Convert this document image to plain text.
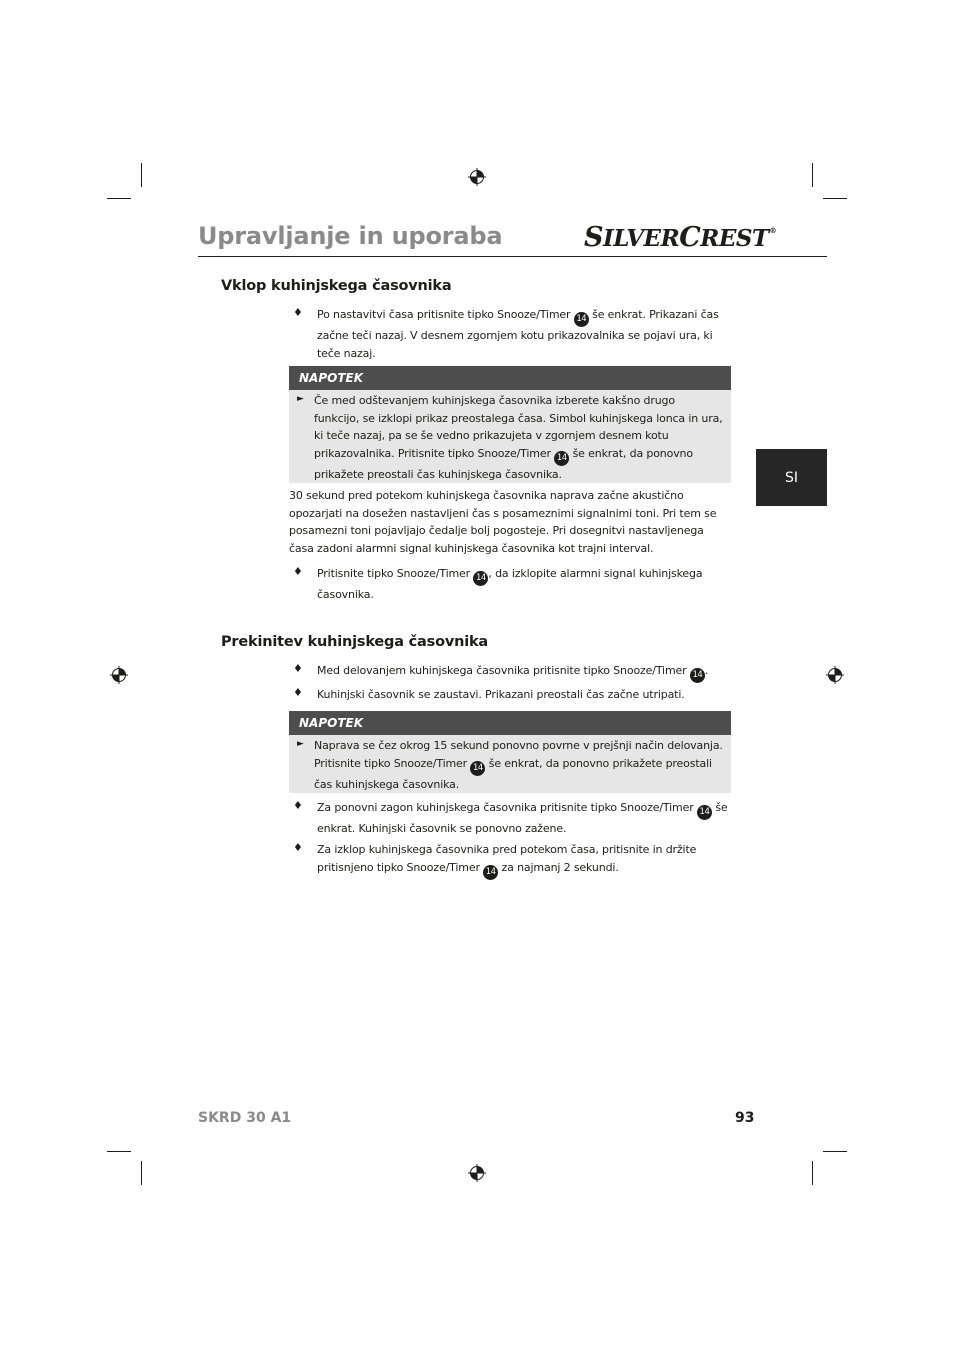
Upravljanje in uporaba	SILVERCREST®
SI
Vklop kuhinjskega časovnika
♦ Po nastavitvi časa pritisnite tipko Snooze/Timer 14 še enkrat. Prikazani čas začne teči nazaj. V desnem zgornjem kotu prikazovalnika se pojavi ura, ki teče nazaj.
NAPOTEK
► Če med odštevanjem kuhinjskega časovnika izberete kakšno drugo funkcijo, se izklopi prikaz preostalega časa. Simbol kuhinjskega lonca in ura, ki teče nazaj, pa se še vedno prikazujeta v zgornjem desnem kotu prikazovalnika. Pritisnite tipko Snooze/Timer 14 še enkrat, da ponovno prikažete preostali čas kuhinjskega časovnika.
30 sekund pred potekom kuhinjskega časovnika naprava začne akustično opozarjati na dosežen nastavljeni čas s posameznimi signalnimi toni. Pri tem se posamezni toni pojavljajo čedalje bolj pogosteje. Pri dosegnitvi nastavljenega časa zadoni alarmni signal kuhinjskega časovnika kot trajni interval.
♦ Pritisnite tipko Snooze/Timer 14 , da izklopite alarmni signal kuhinjskega časovnika.
Prekinitev kuhinjskega časovnika
♦ Med delovanjem kuhinjskega časovnika pritisnite tipko Snooze/Timer 14 .
♦ Kuhinjski časovnik se zaustavi. Prikazani preostali čas začne utripati.
NAPOTEK
► Naprava se čez okrog 15 sekund ponovno povrne v prejšnji način delovanja. Pritisnite tipko Snooze/Timer 14 še enkrat, da ponovno prikažete preostali čas kuhinjskega časovnika.
♦ Za ponovni zagon kuhinjskega časovnika pritisnite tipko Snooze/Timer 14 še enkrat. Kuhinjski časovnik se ponovno zažene.
♦ Za izklop kuhinjskega časovnika pred potekom časa, pritisnite in držite pritisnjeno tipko Snooze/Timer 14 za najmanj 2 sekundi.
SKRD 30 A1	93
